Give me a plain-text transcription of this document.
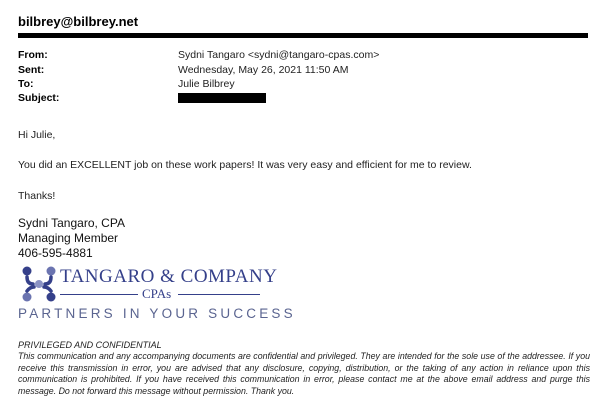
bilbrey@bilbrey.net
From:	Sydni Tangaro <sydni@tangaro-cpas.com>
Sent:	Wednesday, May 26, 2021 11:50 AM
To:	Julie Bilbrey
Subject:
Hi Julie,
You did an EXCELLENT job on these work papers! It was very easy and efficient for me to review.
Thanks!
Sydni Tangaro, CPA
Managing Member
406-595-4881
TANGARO & COMPANY
CPAs
PARTNERS IN YOUR SUCCESS
PRIVILEGED AND CONFIDENTIAL
This communication and any accompanying documents are confidential and privileged. They are intended for the sole use of the addressee. If you receive this transmission in error, you are advised that any disclosure, copying, distribution, or the taking of any action in reliance upon this communication is prohibited. If you have received this communication in error, please contact me at the above email address and purge this message. Do not forward this message without permission. Thank you.
